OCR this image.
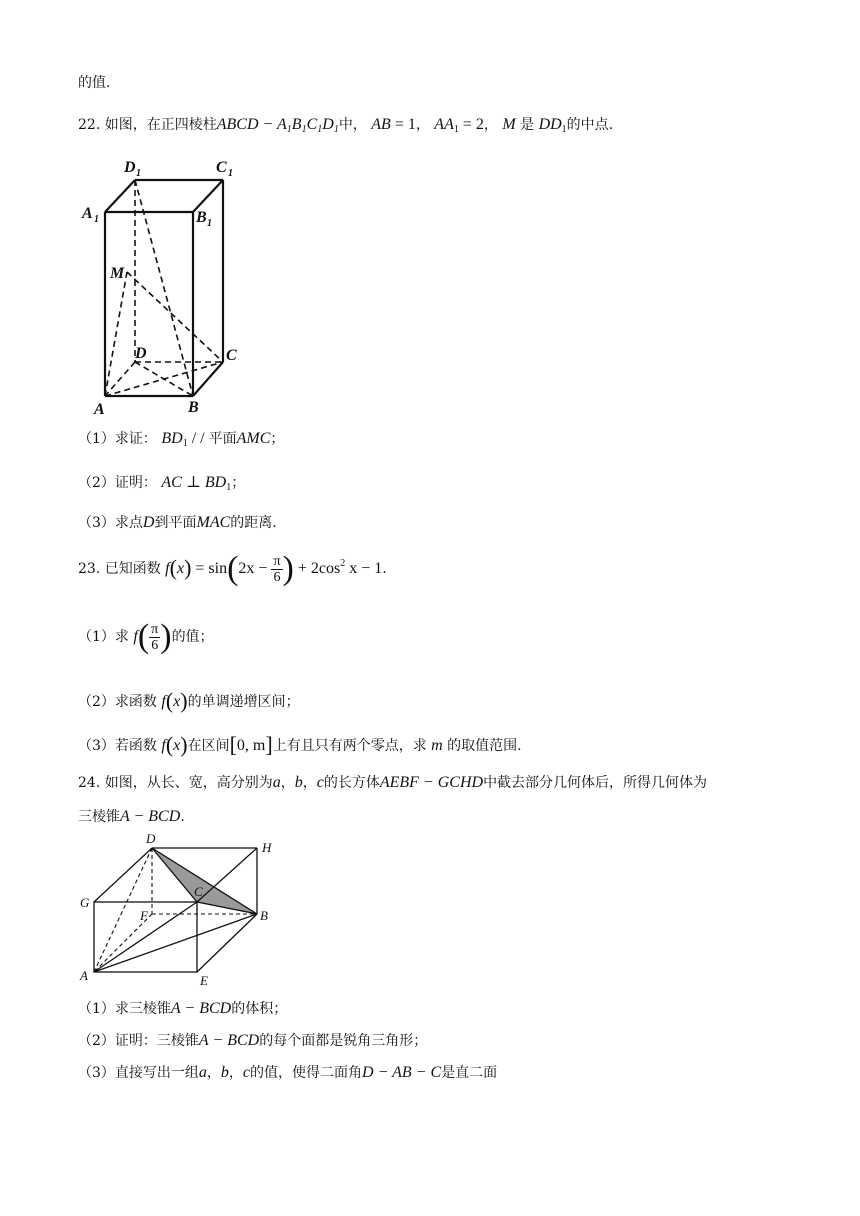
的值.
22. 如图，在正四棱柱ABCD − A1B1C1D1中， AB = 1， $AA_1 = 2$， M 是 $DD_1$的中点.
D 1	C 1
A 1	B 1
M
D	C
A	B
（1）求证： $BD_1$ / / 平面AMC；
（2）证明： AC ⊥ $BD_1$；
（3）求点D到平面MAC的距离.
23. 已知函数 $f(x) = \sin(2x - \frac{\pi}{6}$ ) + $2\cos^2$ x − 1.
（1）求 $f( \frac{\pi}{6}$ )的值；
（2）求函数 f(x)的单调递增区间；
（3）若函数 f(x)在区间[0, m]上有且只有两个零点，求 m 的取值范围.
24. 如图，从长、宽，高分别为a，b，c的长方体AEBF − GCHD中截去部分几何体后，所得几何体为
三棱锥A − BCD.
D
H
G
C
F	B
A	E
（1）求三棱锥A − BCD的体积；
（2）证明：三棱锥A − BCD的每个面都是锐角三角形；
（3）直接写出一组a，b，c的值，使得二面角D − AB − C是直二面
